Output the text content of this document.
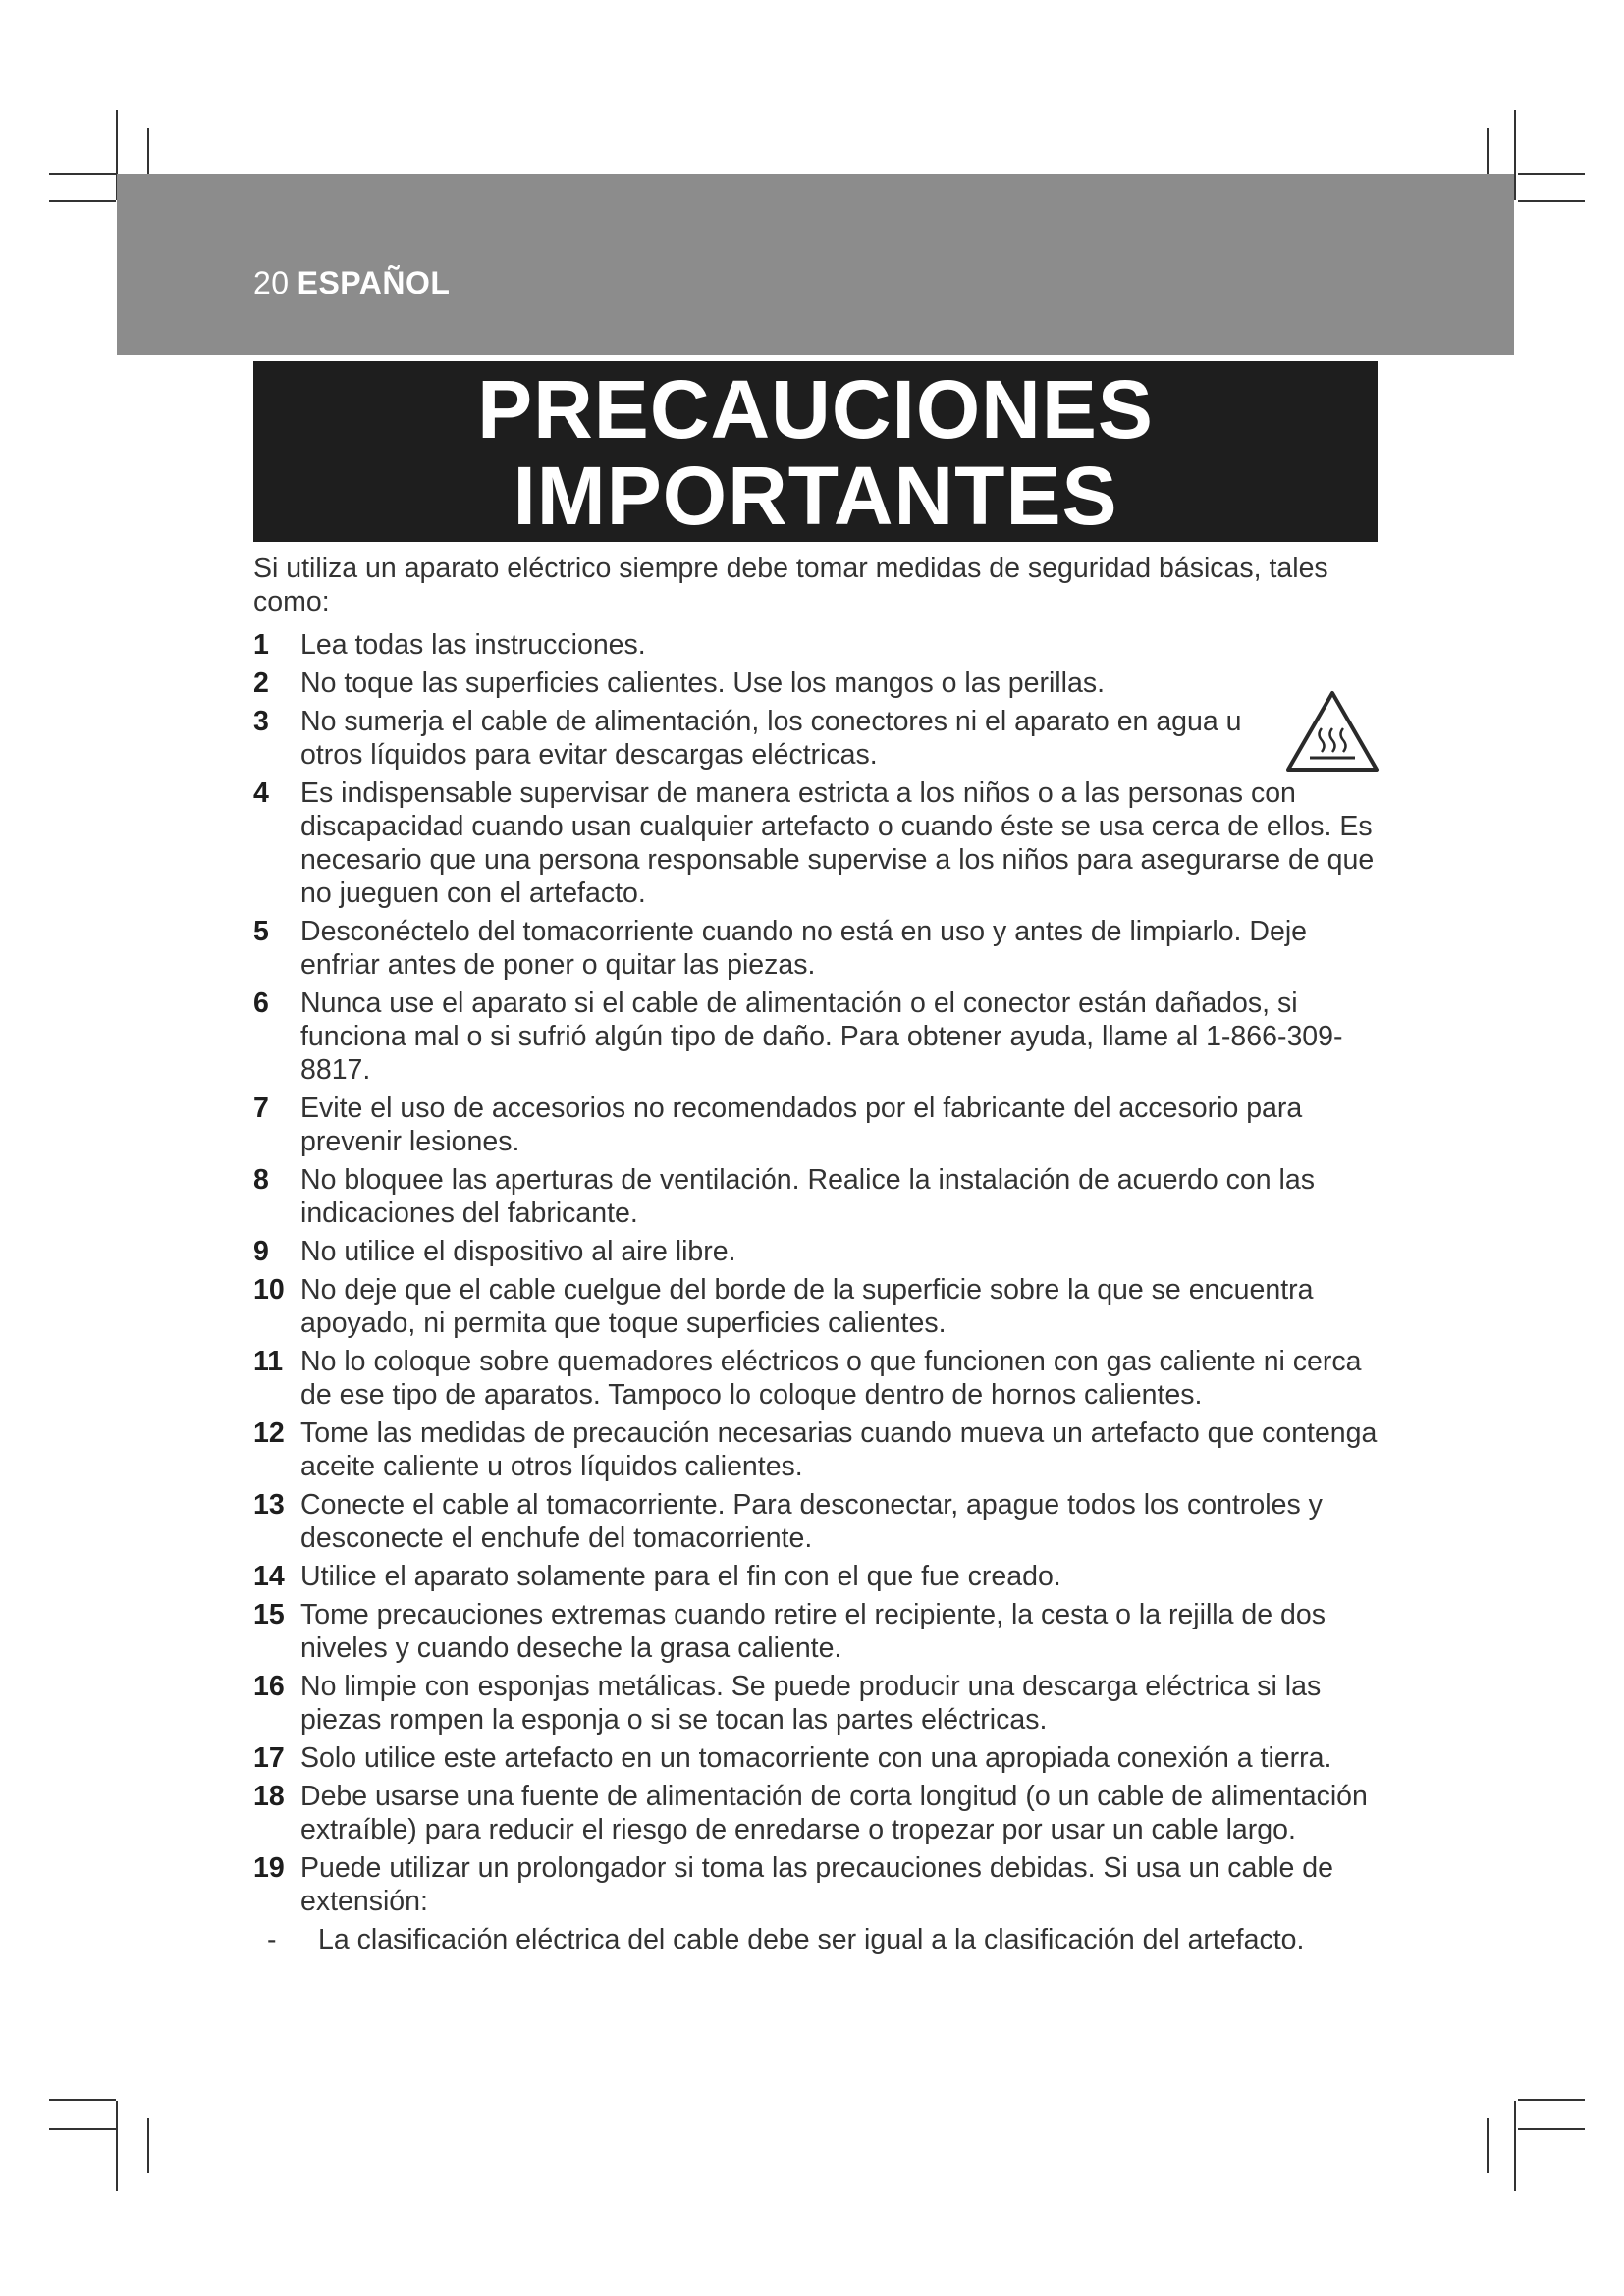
20 ESPAÑOL
PRECAUCIONES
IMPORTANTES

Si utiliza un aparato eléctrico siempre debe tomar medidas de seguridad básicas, tales como:

1 Lea todas las instrucciones.
2 No toque las superficies calientes. Use los mangos o las perillas.
3 No sumerja el cable de alimentación, los conectores ni el aparato en agua u otros líquidos para evitar descargas eléctricas.
4 Es indispensable supervisar de manera estricta a los niños o a las personas con discapacidad cuando usan cualquier artefacto o cuando éste se usa cerca de ellos. Es necesario que una persona responsable supervise a los niños para asegurarse de que no jueguen con el artefacto.
5 Desconéctelo del tomacorriente cuando no está en uso y antes de limpiarlo. Deje enfriar antes de poner o quitar las piezas.
6 Nunca use el aparato si el cable de alimentación o el conector están dañados, si funciona mal o si sufrió algún tipo de daño. Para obtener ayuda, llame al 1-866-309-8817.
7 Evite el uso de accesorios no recomendados por el fabricante del accesorio para prevenir lesiones.
8 No bloquee las aperturas de ventilación. Realice la instalación de acuerdo con las indicaciones del fabricante.
9 No utilice el dispositivo al aire libre.
10 No deje que el cable cuelgue del borde de la superficie sobre la que se encuentra apoyado, ni permita que toque superficies calientes.
11 No lo coloque sobre quemadores eléctricos o que funcionen con gas caliente ni cerca de ese tipo de aparatos. Tampoco lo coloque dentro de hornos calientes.
12 Tome las medidas de precaución necesarias cuando mueva un artefacto que contenga aceite caliente u otros líquidos calientes.
13 Conecte el cable al tomacorriente. Para desconectar, apague todos los controles y desconecte el enchufe del tomacorriente.
14 Utilice el aparato solamente para el fin con el que fue creado.
15 Tome precauciones extremas cuando retire el recipiente, la cesta o la rejilla de dos niveles y cuando deseche la grasa caliente.
16 No limpie con esponjas metálicas. Se puede producir una descarga eléctrica si las piezas rompen la esponja o si se tocan las partes eléctricas.
17 Solo utilice este artefacto en un tomacorriente con una apropiada conexión a tierra.
18 Debe usarse una fuente de alimentación de corta longitud (o un cable de alimentación extraíble) para reducir el riesgo de enredarse o tropezar por usar un cable largo.
19 Puede utilizar un prolongador si toma las precauciones debidas. Si usa un cable de extensión:
- La clasificación eléctrica del cable debe ser igual a la clasificación del artefacto.
